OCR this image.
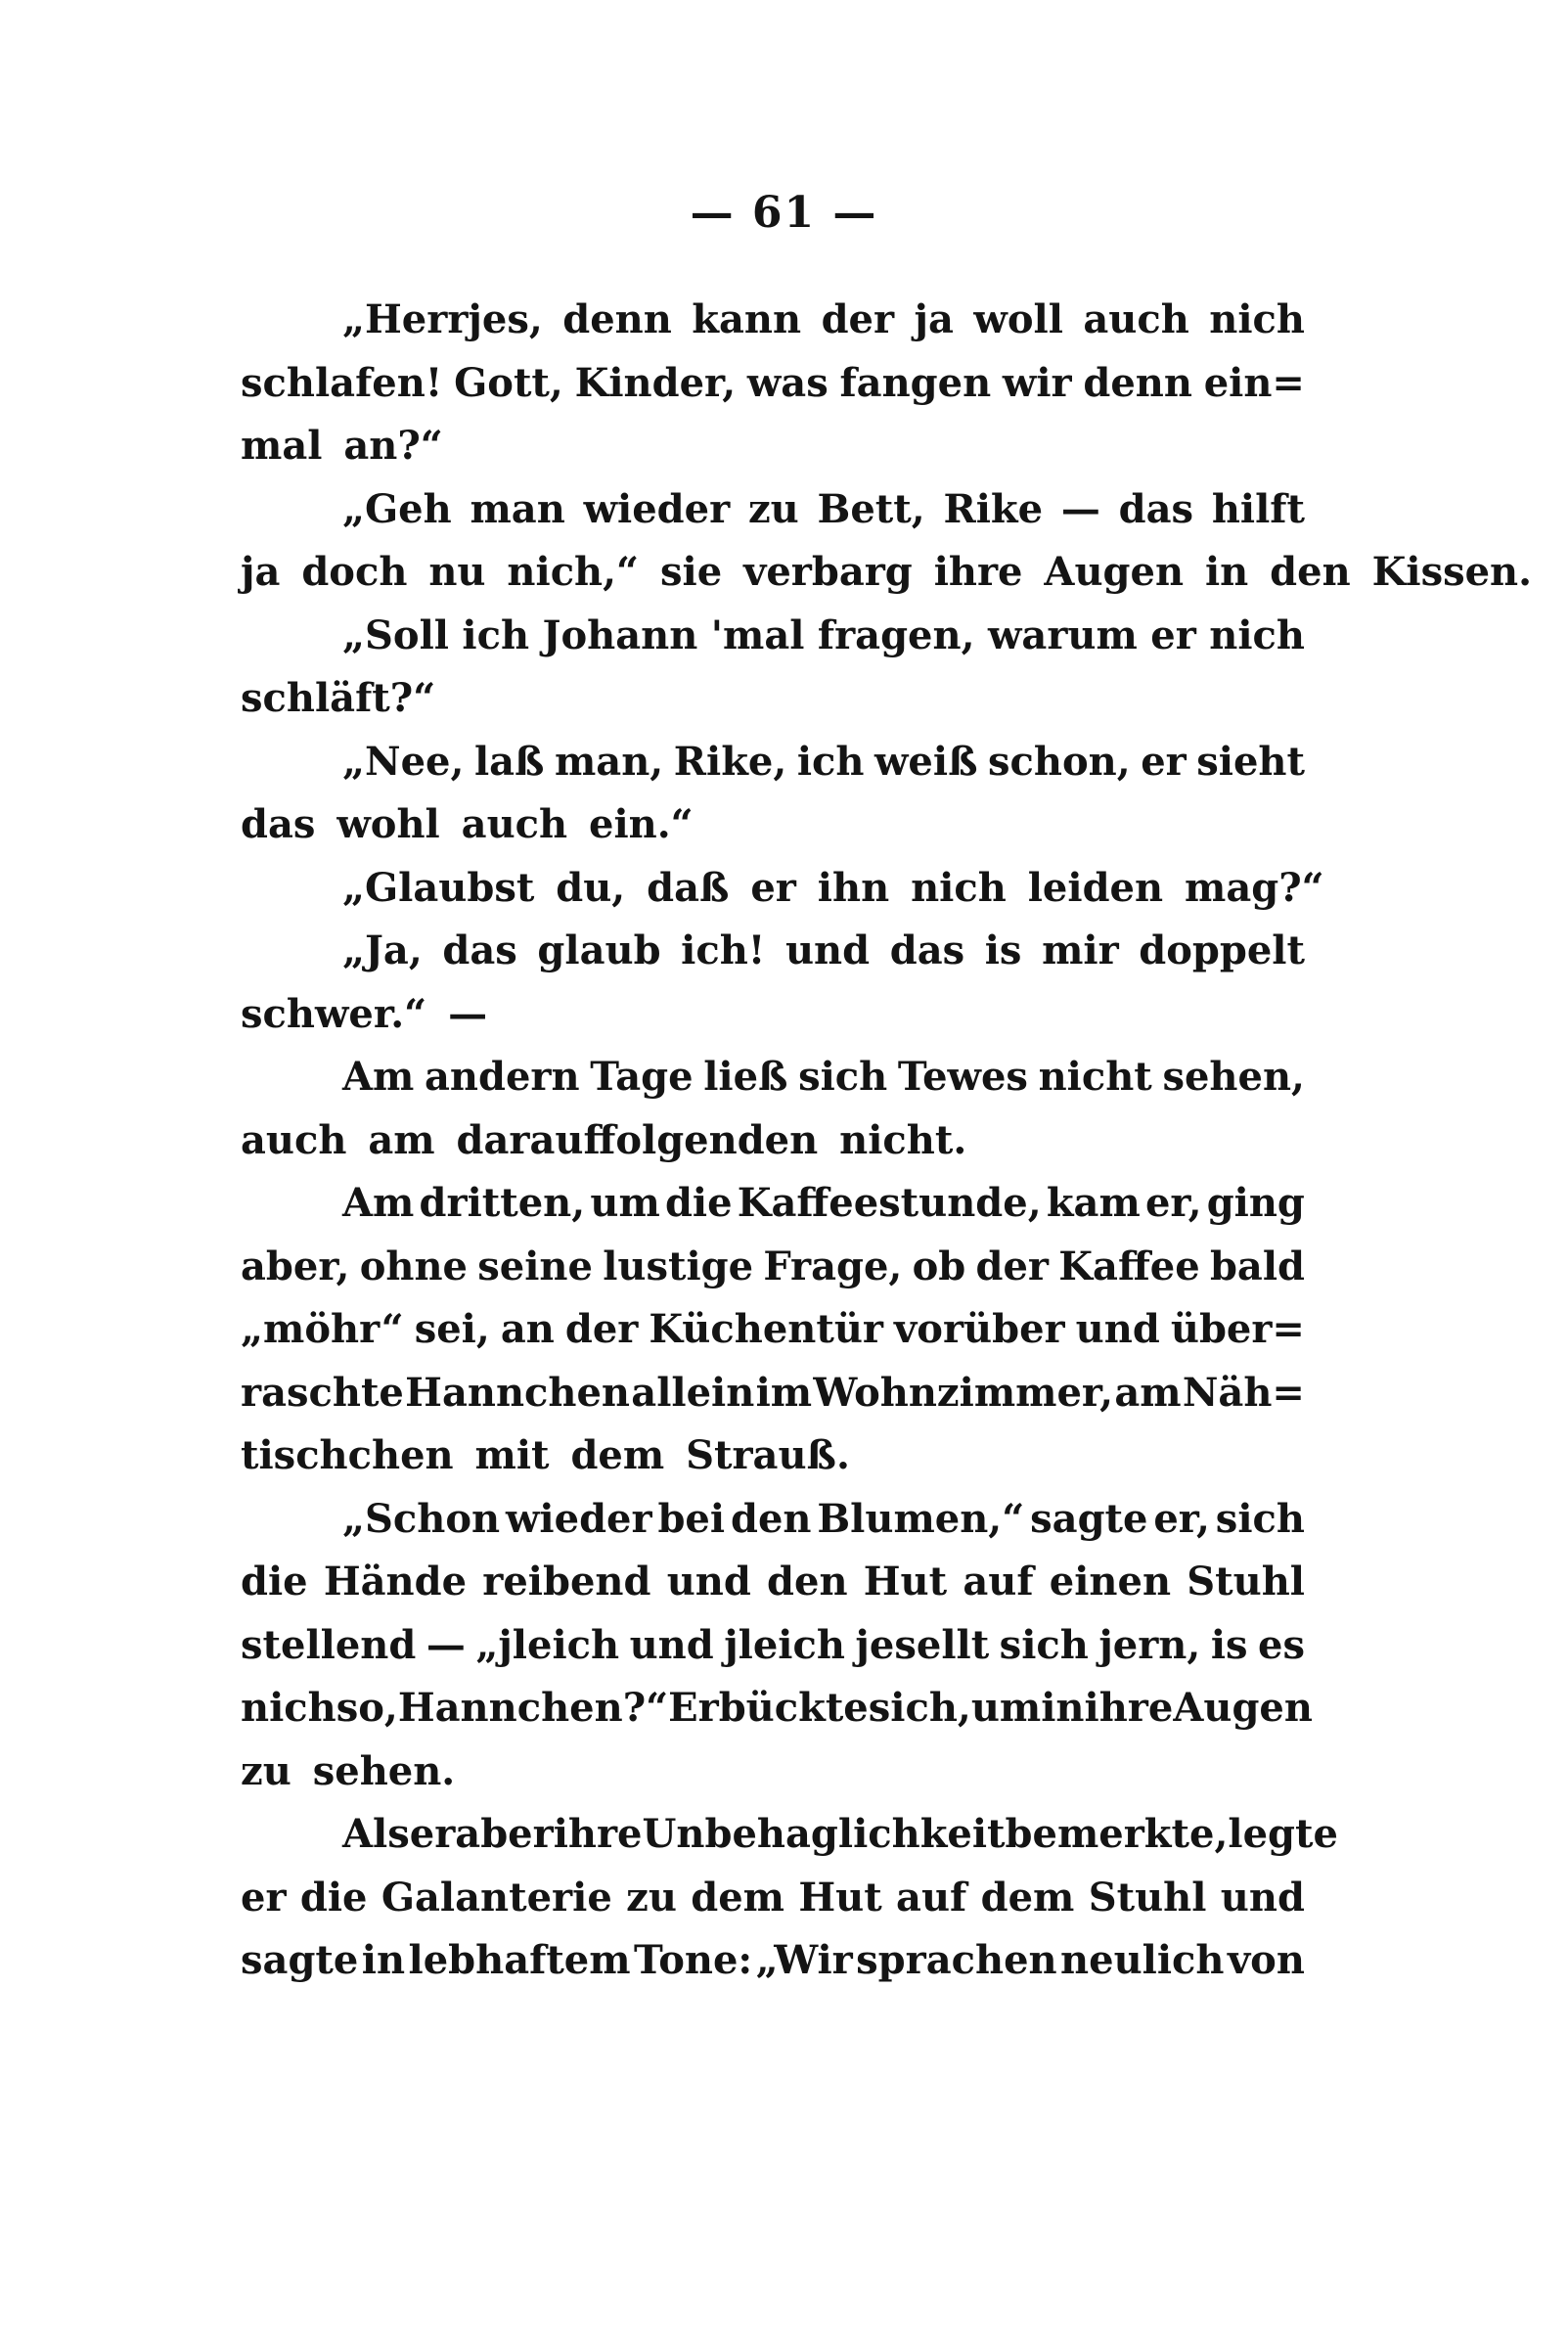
— 61 —
„Herrjes, denn kann der ja woll auch nich
schlafen! Gott, Kinder, was fangen wir denn ein=
mal an?“
„Geh man wieder zu Bett, Rike — das hilft
ja doch nu nich,“ sie verbarg ihre Augen in den Kissen.
„Soll ich Johann 'mal fragen, warum er nich
schläft?“
„Nee, laß man, Rike, ich weiß schon, er sieht
das wohl auch ein.“
„Glaubst du, daß er ihn nich leiden mag?“
„Ja, das glaub ich! und das is mir doppelt
schwer.“ —
Am andern Tage ließ sich Tewes nicht sehen,
auch am darauffolgenden nicht.
Am dritten, um die Kaffeestunde, kam er, ging
aber, ohne seine lustige Frage, ob der Kaffee bald
„möhr“ sei, an der Küchentür vorüber und über=
raschte Hannchen allein im Wohnzimmer, am Näh=
tischchen mit dem Strauß.
„Schon wieder bei den Blumen,“ sagte er, sich
die Hände reibend und den Hut auf einen Stuhl
stellend — „jleich und jleich jesellt sich jern, is es
nich so, Hannchen?“ Er bückte sich, um in ihre Augen
zu sehen.
Als er aber ihre Unbehaglichkeit bemerkte, legte
er die Galanterie zu dem Hut auf dem Stuhl und
sagte in lebhaftem Tone: „Wir sprachen neulich von
